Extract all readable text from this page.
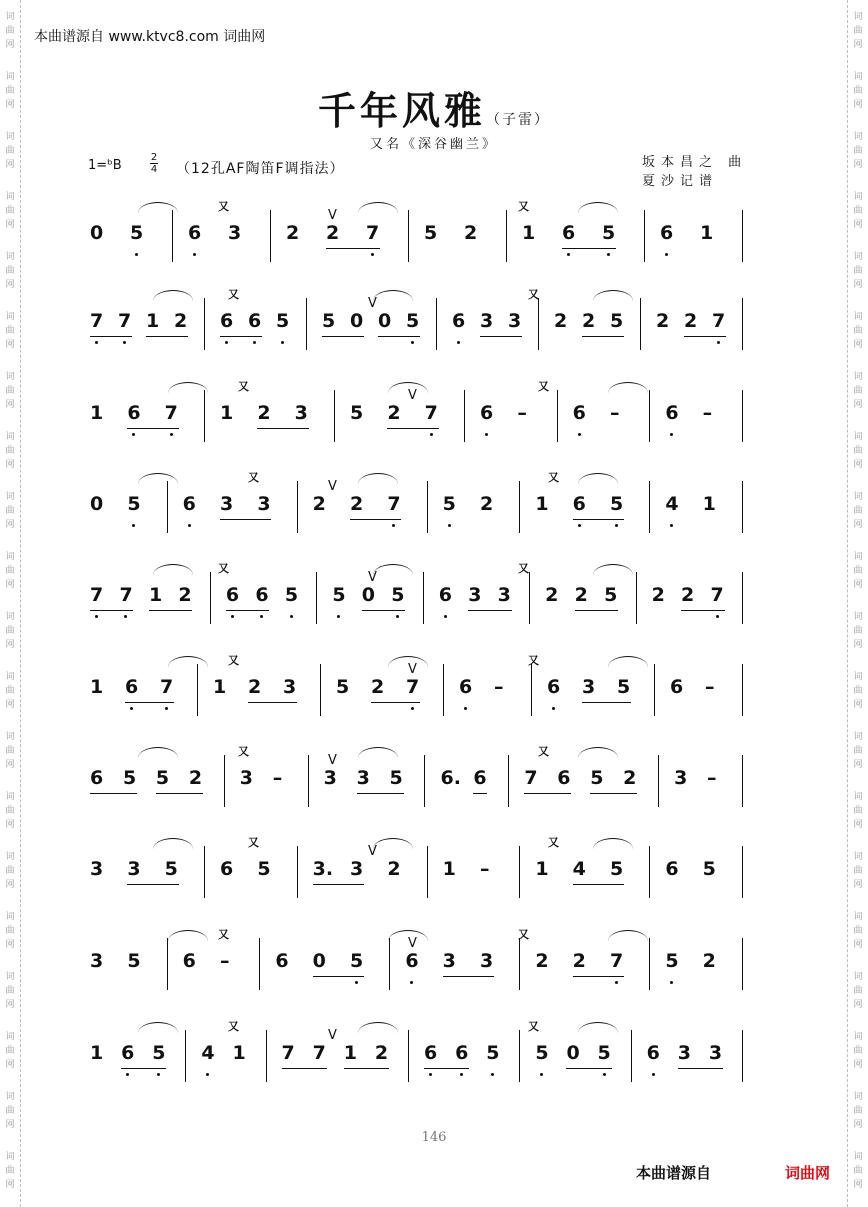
词
曲
网
词
曲
网
词
曲
网
词
曲
网
词
曲
网
词
曲
网
词
曲
网
词
曲
网
词
曲
网
词
曲
网
词
曲
网
词
曲
网
词
曲
网
词
曲
网
词
曲
网
词
曲
网
词
曲
网
词
曲
网
词
曲
网
词
曲
网
词
曲
网
词
曲
网
词
曲
网
词
曲
网
词
曲
网
词
曲
网
词
曲
网
词
曲
网
词
曲
网
词
曲
网
词
曲
网
词
曲
网
词
曲
网
词
曲
网
词
曲
网
词
曲
网
词
曲
网
词
曲
网
词
曲
网
词
曲
网
本曲谱源自 www.ktvc8.com 词曲网
千年风雅（子雷）
又名《深谷幽兰》
1=ᵇB
2
4 （12孔AF陶笛F调指法）	坂本昌之 曲
夏沙记谱
0 5 6 3 2 2 7 5 2 1 6 5 6 1
又	又
V
7 7 1 2 6 6 5 5 0 0 5 6 3 3 2 2 5 2 2 7
又	又
V
1 6 7 1 2 3 5 2 7 6 – 6 – 6 –
又	又
V
0 5 6 3 3 2 2 7 5 2 1 6 5 4 1
又	又
V
7 7 1 2 6 6 5 5 0 5 6 3 3 2 2 5 2 2 7
又	又
V
1 6 7 1 2 3 5 2 7 6 – 6 3 5 6 –
又	又
V
6 5 5 2 3 – 3 3 5 6. 6 7 6 5 2 3 –
又	又
V
3 3 5 6 5 3. 3 2 1 – 1 4 5 6 5
又	又
V
3 5 6 – 6 0 5 6 3 3 2 2 7 5 2
又	又
V
1 6 5 4 1 7 7 1 2 6 6 5 5 0 5 6 3 3
又	又
V
146
本曲谱源自	词曲网
